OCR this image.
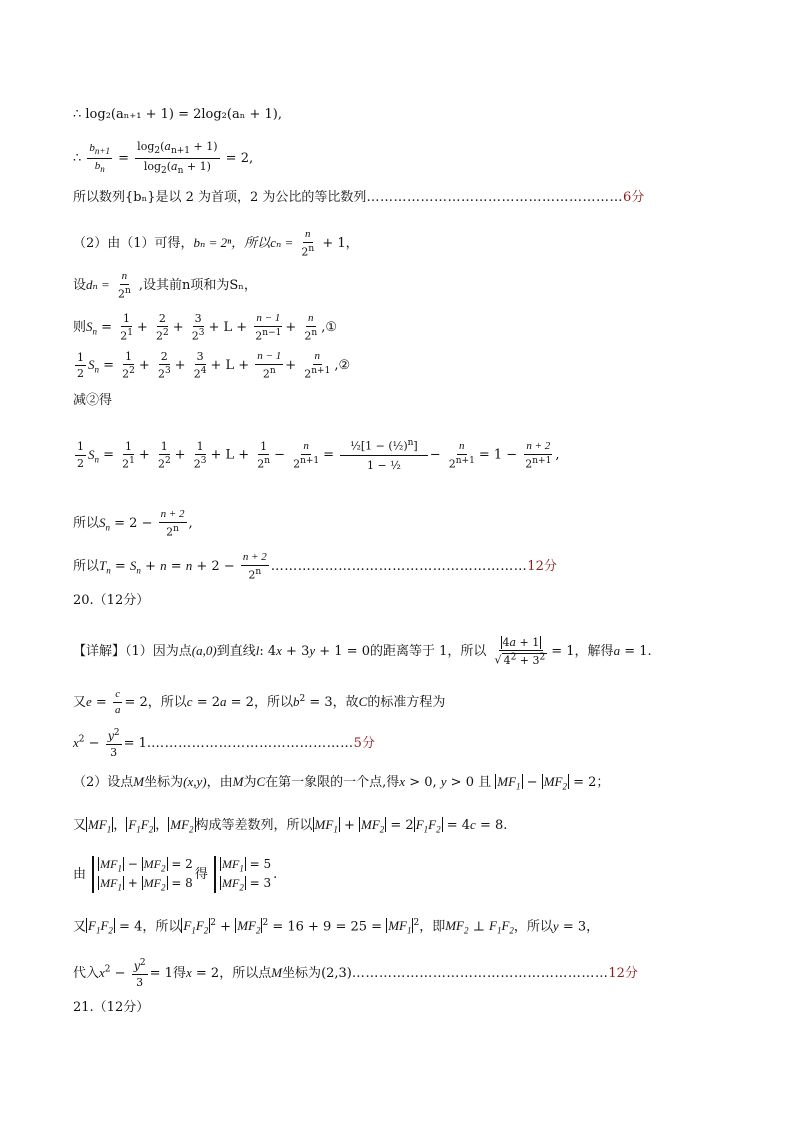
∴ log₂(aₙ₊₁ + 1) = 2log₂(aₙ + 1),
∴ $\frac{b_{n+1}}{b_n} = \frac{\log_2(a_{n+1} + 1)}{\log_2(a_n + 1)} = 2$,
所以数列{bₙ}是以 2 为首项，2 为公比的等比数列…………………………………………………6分
（2）由（1）可得，bₙ = 2ⁿ，所以$c_n = \frac{n}{2^n} + 1$，
设$d_n = \frac{n}{2^n}$ ,设其前n项和为Sₙ，
则$S_n = \frac{1}{2^1} + \frac{2}{2^2} + \frac{3}{2^3} + L + \frac{n - 1}{2^{n-1}} + \frac{n}{2^n}$ ,①
$\frac{1}{2} S_n = \frac{1}{2^2} + \frac{2}{2^3} + \frac{3}{2^4} + L + \frac{n - 1}{2^n} + \frac{n}{2^{n+1}}$ ,②
减②得
$\frac{1}{2} S_n = \frac{1}{2^1} + \frac{1}{2^2} + \frac{1}{2^3} + L + \frac{1}{2^n} - \frac{n}{2^{n+1}} = \frac{\frac{1}{2}[1 - (\frac{1}{2})^n]}{\text{1 − ½}} - \frac{n}{2^{n+1}} = 1 - \frac{n + 2}{2^{n+1}}$ ,
所以$S_n = 2 - \frac{n + 2}{2^n}$ ,
所以$T_n = S_n + n = n + 2 - \frac{n + 2}{2^n}$ …………………………………………………12分
20.（12分）
【详解】（1）因为点(a,0)到直线l: 4x + 3y + 1 = 0的距离等于 1，所以 $\frac{4a + 1}{√ 4^2 + 3^2} = 1$，解得a = 1.
又$e = \frac{c}{a} = 2$，所以c = 2a = 2，所以$b^2 = 3$，故C的标准方程为
$x^2 - \frac{y^2}{3}$ = 1.………………………………………5分
（2）设点M坐标为(x,y)，由M为C在第一象限的一个点,得x > 0, y > 0 且 $MF_1 - MF_2 = 2$；
又 $MF_1$ ， $F_1F_2$ ， $MF_2$ 构成等差数列，所以 $MF_1 + MF_2 = 2$ $F_1F_2 = 4c = 8$.
由
$MF_1 - MF_2 = 2$
$MF_1 + MF_2 = 8$
得
$MF_1 = 5$
$MF_2 = 3$
.
又 $F_1F_2 = 4$，所以 $F_1F_2^2 + MF_2^2 = 16 + 9 = 25 = MF_1^2$，即$MF_2$ ⊥ $F_1F_2$，所以y = 3，
代入$x^2 - \frac{y^2}{3} = 1$得x = 2，所以点M坐标为(2,3)…………………………………………………12分
21.（12分）
